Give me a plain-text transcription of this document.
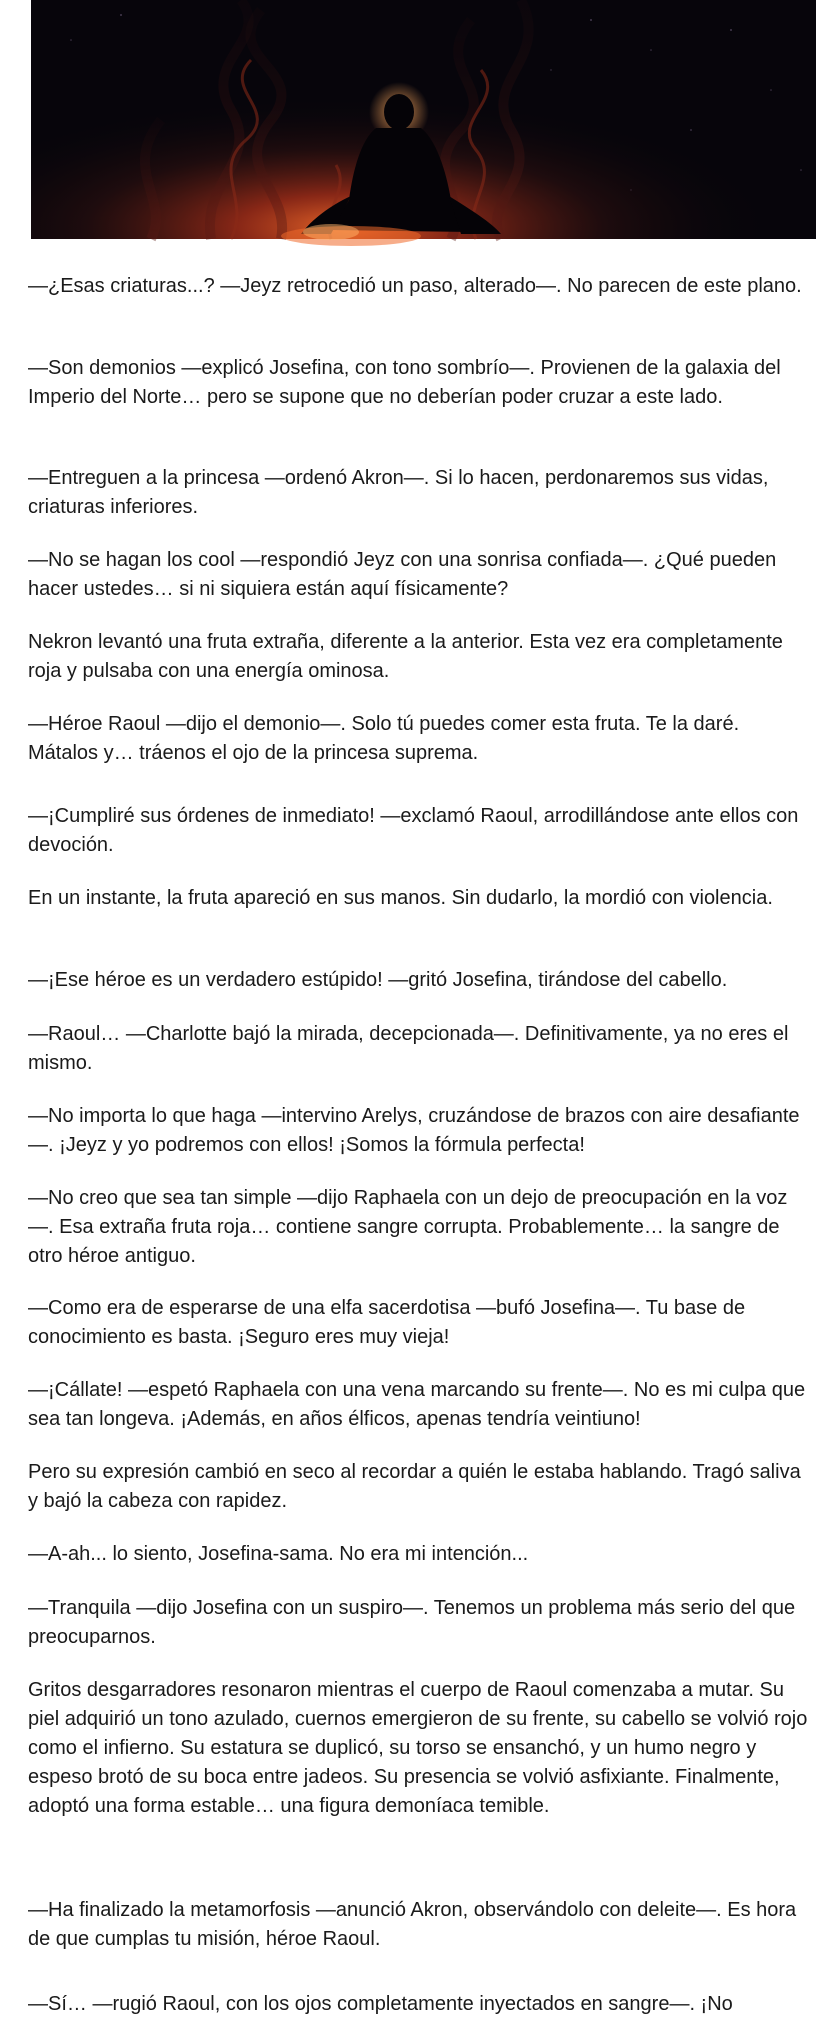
—¿Esas criaturas...? —Jeyz retrocedió un paso, alterado—. No parecen de este plano.

—Son demonios —explicó Josefina, con tono sombrío—. Provienen de la galaxia del Imperio del Norte… pero se supone que no deberían poder cruzar a este lado.

—Entreguen a la princesa —ordenó Akron—. Si lo hacen, perdonaremos sus vidas, criaturas inferiores.

—No se hagan los cool —respondió Jeyz con una sonrisa confiada—. ¿Qué pueden hacer ustedes… si ni siquiera están aquí físicamente?

Nekron levantó una fruta extraña, diferente a la anterior. Esta vez era completamente roja y pulsaba con una energía ominosa.

—Héroe Raoul —dijo el demonio—. Solo tú puedes comer esta fruta. Te la daré. Mátalos y… tráenos el ojo de la princesa suprema.

—¡Cumpliré sus órdenes de inmediato! —exclamó Raoul, arrodillándose ante ellos con devoción.

En un instante, la fruta apareció en sus manos. Sin dudarlo, la mordió con violencia.

—¡Ese héroe es un verdadero estúpido! —gritó Josefina, tirándose del cabello.

—Raoul… —Charlotte bajó la mirada, decepcionada—. Definitivamente, ya no eres el mismo.

—No importa lo que haga —intervino Arelys, cruzándose de brazos con aire desafiante—. ¡Jeyz y yo podremos con ellos! ¡Somos la fórmula perfecta!

—No creo que sea tan simple —dijo Raphaela con un dejo de preocupación en la voz—. Esa extraña fruta roja… contiene sangre corrupta. Probablemente… la sangre de otro héroe antiguo.

—Como era de esperarse de una elfa sacerdotisa —bufó Josefina—. Tu base de conocimiento es basta. ¡Seguro eres muy vieja!

—¡Cállate! —espetó Raphaela con una vena marcando su frente—. No es mi culpa que sea tan longeva. ¡Además, en años élficos, apenas tendría veintiuno!

Pero su expresión cambió en seco al recordar a quién le estaba hablando. Tragó saliva y bajó la cabeza con rapidez.

—A-ah... lo siento, Josefina-sama. No era mi intención...

—Tranquila —dijo Josefina con un suspiro—. Tenemos un problema más serio del que preocuparnos.

Gritos desgarradores resonaron mientras el cuerpo de Raoul comenzaba a mutar. Su piel adquirió un tono azulado, cuernos emergieron de su frente, su cabello se volvió rojo como el infierno. Su estatura se duplicó, su torso se ensanchó, y un humo negro y espeso brotó de su boca entre jadeos. Su presencia se volvió asfixiante. Finalmente, adoptó una forma estable… una figura demoníaca temible.

—Ha finalizado la metamorfosis —anunció Akron, observándolo con deleite—. Es hora de que cumplas tu misión, héroe Raoul.

—Sí… —rugió Raoul, con los ojos completamente inyectados en sangre—. ¡No
